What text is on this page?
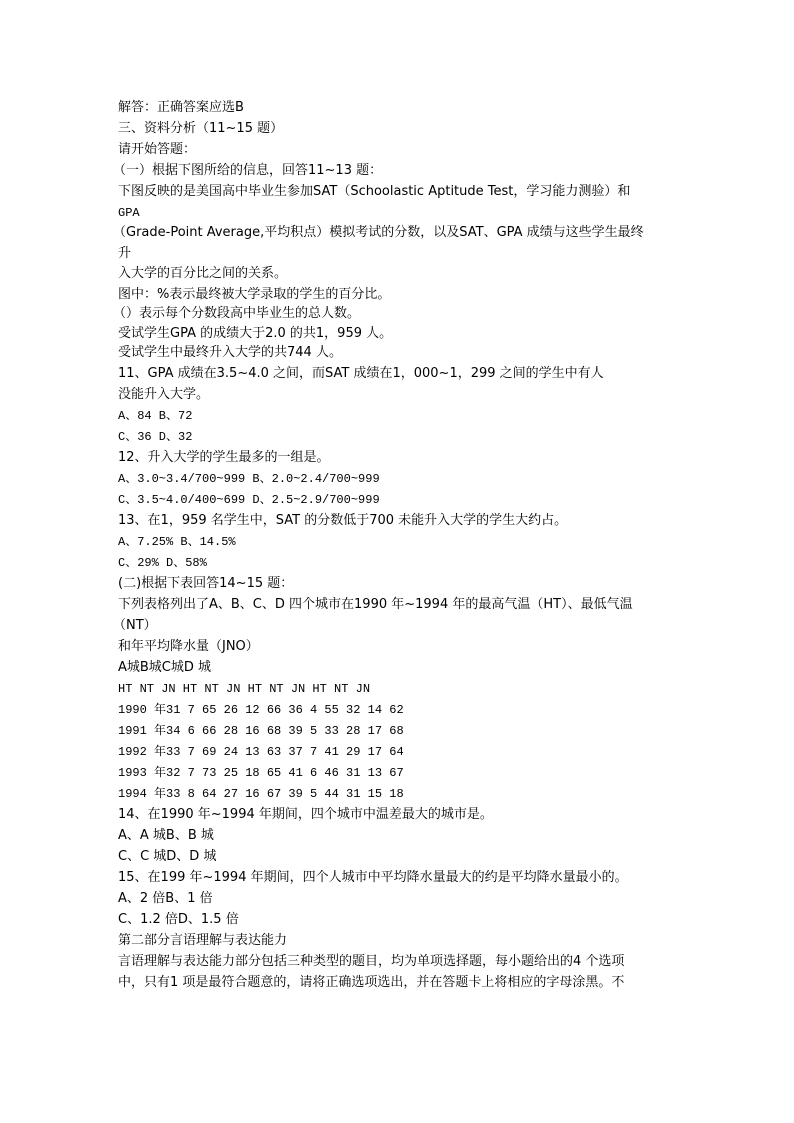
解答：正确答案应选B
三、资料分析（11~15 题）
请开始答题：
（一）根据下图所给的信息，回答11~13 题：
下图反映的是美国高中毕业生参加SAT（Schoolastic Aptitude Test，学习能力测验）和
GPA
（Grade-Point Average,平均积点）模拟考试的分数，以及SAT、GPA 成绩与这些学生最终
升
入大学的百分比之间的关系。
图中：%表示最终被大学录取的学生的百分比。
（）表示每个分数段高中毕业生的总人数。
受试学生GPA 的成绩大于2.0 的共1，959 人。
受试学生中最终升入大学的共744 人。
11、GPA 成绩在3.5~4.0 之间，而SAT 成绩在1，000~1，299 之间的学生中有人
没能升入大学。
A、84 B、72
C、36 D、32
12、升入大学的学生最多的一组是。
A、3.0~3.4/700~999 B、2.0~2.4/700~999
C、3.5~4.0/400~699 D、2.5~2.9/700~999
13、在1，959 名学生中，SAT 的分数低于700 未能升入大学的学生大约占。
A、7.25% B、14.5%
C、29% D、58%
(二)根据下表回答14~15 题：
下列表格列出了A、B、C、D 四个城市在1990 年~1994 年的最高气温（HT）、最低气温
（NT）
和年平均降水量（JNO）
A城B城C城D 城
HT NT JN HT NT JN HT NT JN HT NT JN
1990 年31 7 65 26 12 66 36 4 55 32 14 62
1991 年34 6 66 28 16 68 39 5 33 28 17 68
1992 年33 7 69 24 13 63 37 7 41 29 17 64
1993 年32 7 73 25 18 65 41 6 46 31 13 67
1994 年33 8 64 27 16 67 39 5 44 31 15 18
14、在1990 年~1994 年期间，四个城市中温差最大的城市是。
A、A 城B、B 城
C、C 城D、D 城
15、在199 年~1994 年期间，四个人城市中平均降水量最大的约是平均降水量最小的。
A、2 倍B、1 倍
C、1.2 倍D、1.5 倍
第二部分言语理解与表达能力
言语理解与表达能力部分包括三种类型的题目，均为单项选择题，每小题给出的4 个选项
中，只有1 项是最符合题意的，请将正确选项选出，并在答题卡上将相应的字母涂黑。不
